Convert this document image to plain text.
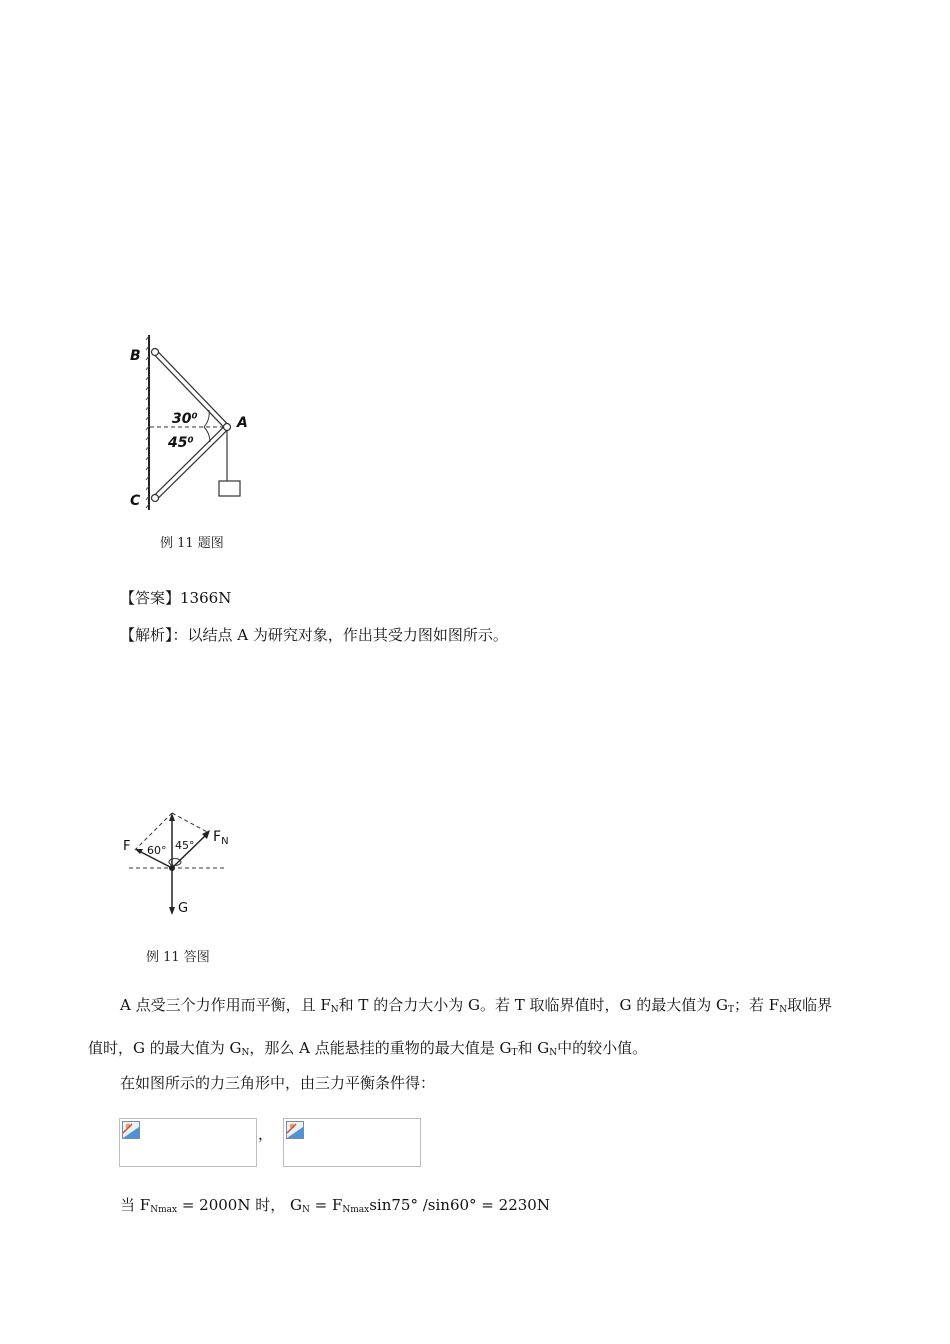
B
A
C
30⁰
45⁰
例 11 题图
【答案】1366N
【解析】：以结点 A 为研究对象，作出其受力图如图所示。
F
$F_N$
G
60° 45°
例 11 答图
A 点受三个力作用而平衡，且 $F_N$和 T 的合力大小为 G。若 T 取临界值时，G 的最大值为 $G_T$；若 $F_N$取临界
值时，G 的最大值为 $G_N$，那么 A 点能悬挂的重物的最大值是 $G_T$和 $G_N$中的较小值。
在如图所示的力三角形中，由三力平衡条件得：
，
当 $F_{Nmax} = 2000N$ 时， $G_N = F_{Nmax}\sin 75^\circ$ /sin60° = 2230N
